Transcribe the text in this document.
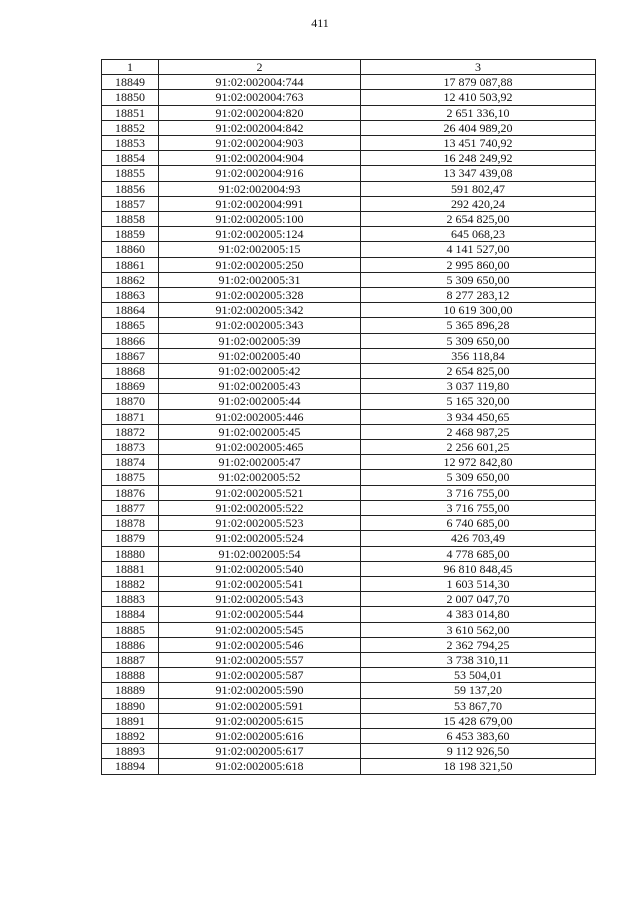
411
1	2	3
18849	91:02:002004:744	17 879 087,88
18850	91:02:002004:763	12 410 503,92
18851	91:02:002004:820	2 651 336,10
18852	91:02:002004:842	26 404 989,20
18853	91:02:002004:903	13 451 740,92
18854	91:02:002004:904	16 248 249,92
18855	91:02:002004:916	13 347 439,08
18856	91:02:002004:93	591 802,47
18857	91:02:002004:991	292 420,24
18858	91:02:002005:100	2 654 825,00
18859	91:02:002005:124	645 068,23
18860	91:02:002005:15	4 141 527,00
18861	91:02:002005:250	2 995 860,00
18862	91:02:002005:31	5 309 650,00
18863	91:02:002005:328	8 277 283,12
18864	91:02:002005:342	10 619 300,00
18865	91:02:002005:343	5 365 896,28
18866	91:02:002005:39	5 309 650,00
18867	91:02:002005:40	356 118,84
18868	91:02:002005:42	2 654 825,00
18869	91:02:002005:43	3 037 119,80
18870	91:02:002005:44	5 165 320,00
18871	91:02:002005:446	3 934 450,65
18872	91:02:002005:45	2 468 987,25
18873	91:02:002005:465	2 256 601,25
18874	91:02:002005:47	12 972 842,80
18875	91:02:002005:52	5 309 650,00
18876	91:02:002005:521	3 716 755,00
18877	91:02:002005:522	3 716 755,00
18878	91:02:002005:523	6 740 685,00
18879	91:02:002005:524	426 703,49
18880	91:02:002005:54	4 778 685,00
18881	91:02:002005:540	96 810 848,45
18882	91:02:002005:541	1 603 514,30
18883	91:02:002005:543	2 007 047,70
18884	91:02:002005:544	4 383 014,80
18885	91:02:002005:545	3 610 562,00
18886	91:02:002005:546	2 362 794,25
18887	91:02:002005:557	3 738 310,11
18888	91:02:002005:587	53 504,01
18889	91:02:002005:590	59 137,20
18890	91:02:002005:591	53 867,70
18891	91:02:002005:615	15 428 679,00
18892	91:02:002005:616	6 453 383,60
18893	91:02:002005:617	9 112 926,50
18894	91:02:002005:618	18 198 321,50
